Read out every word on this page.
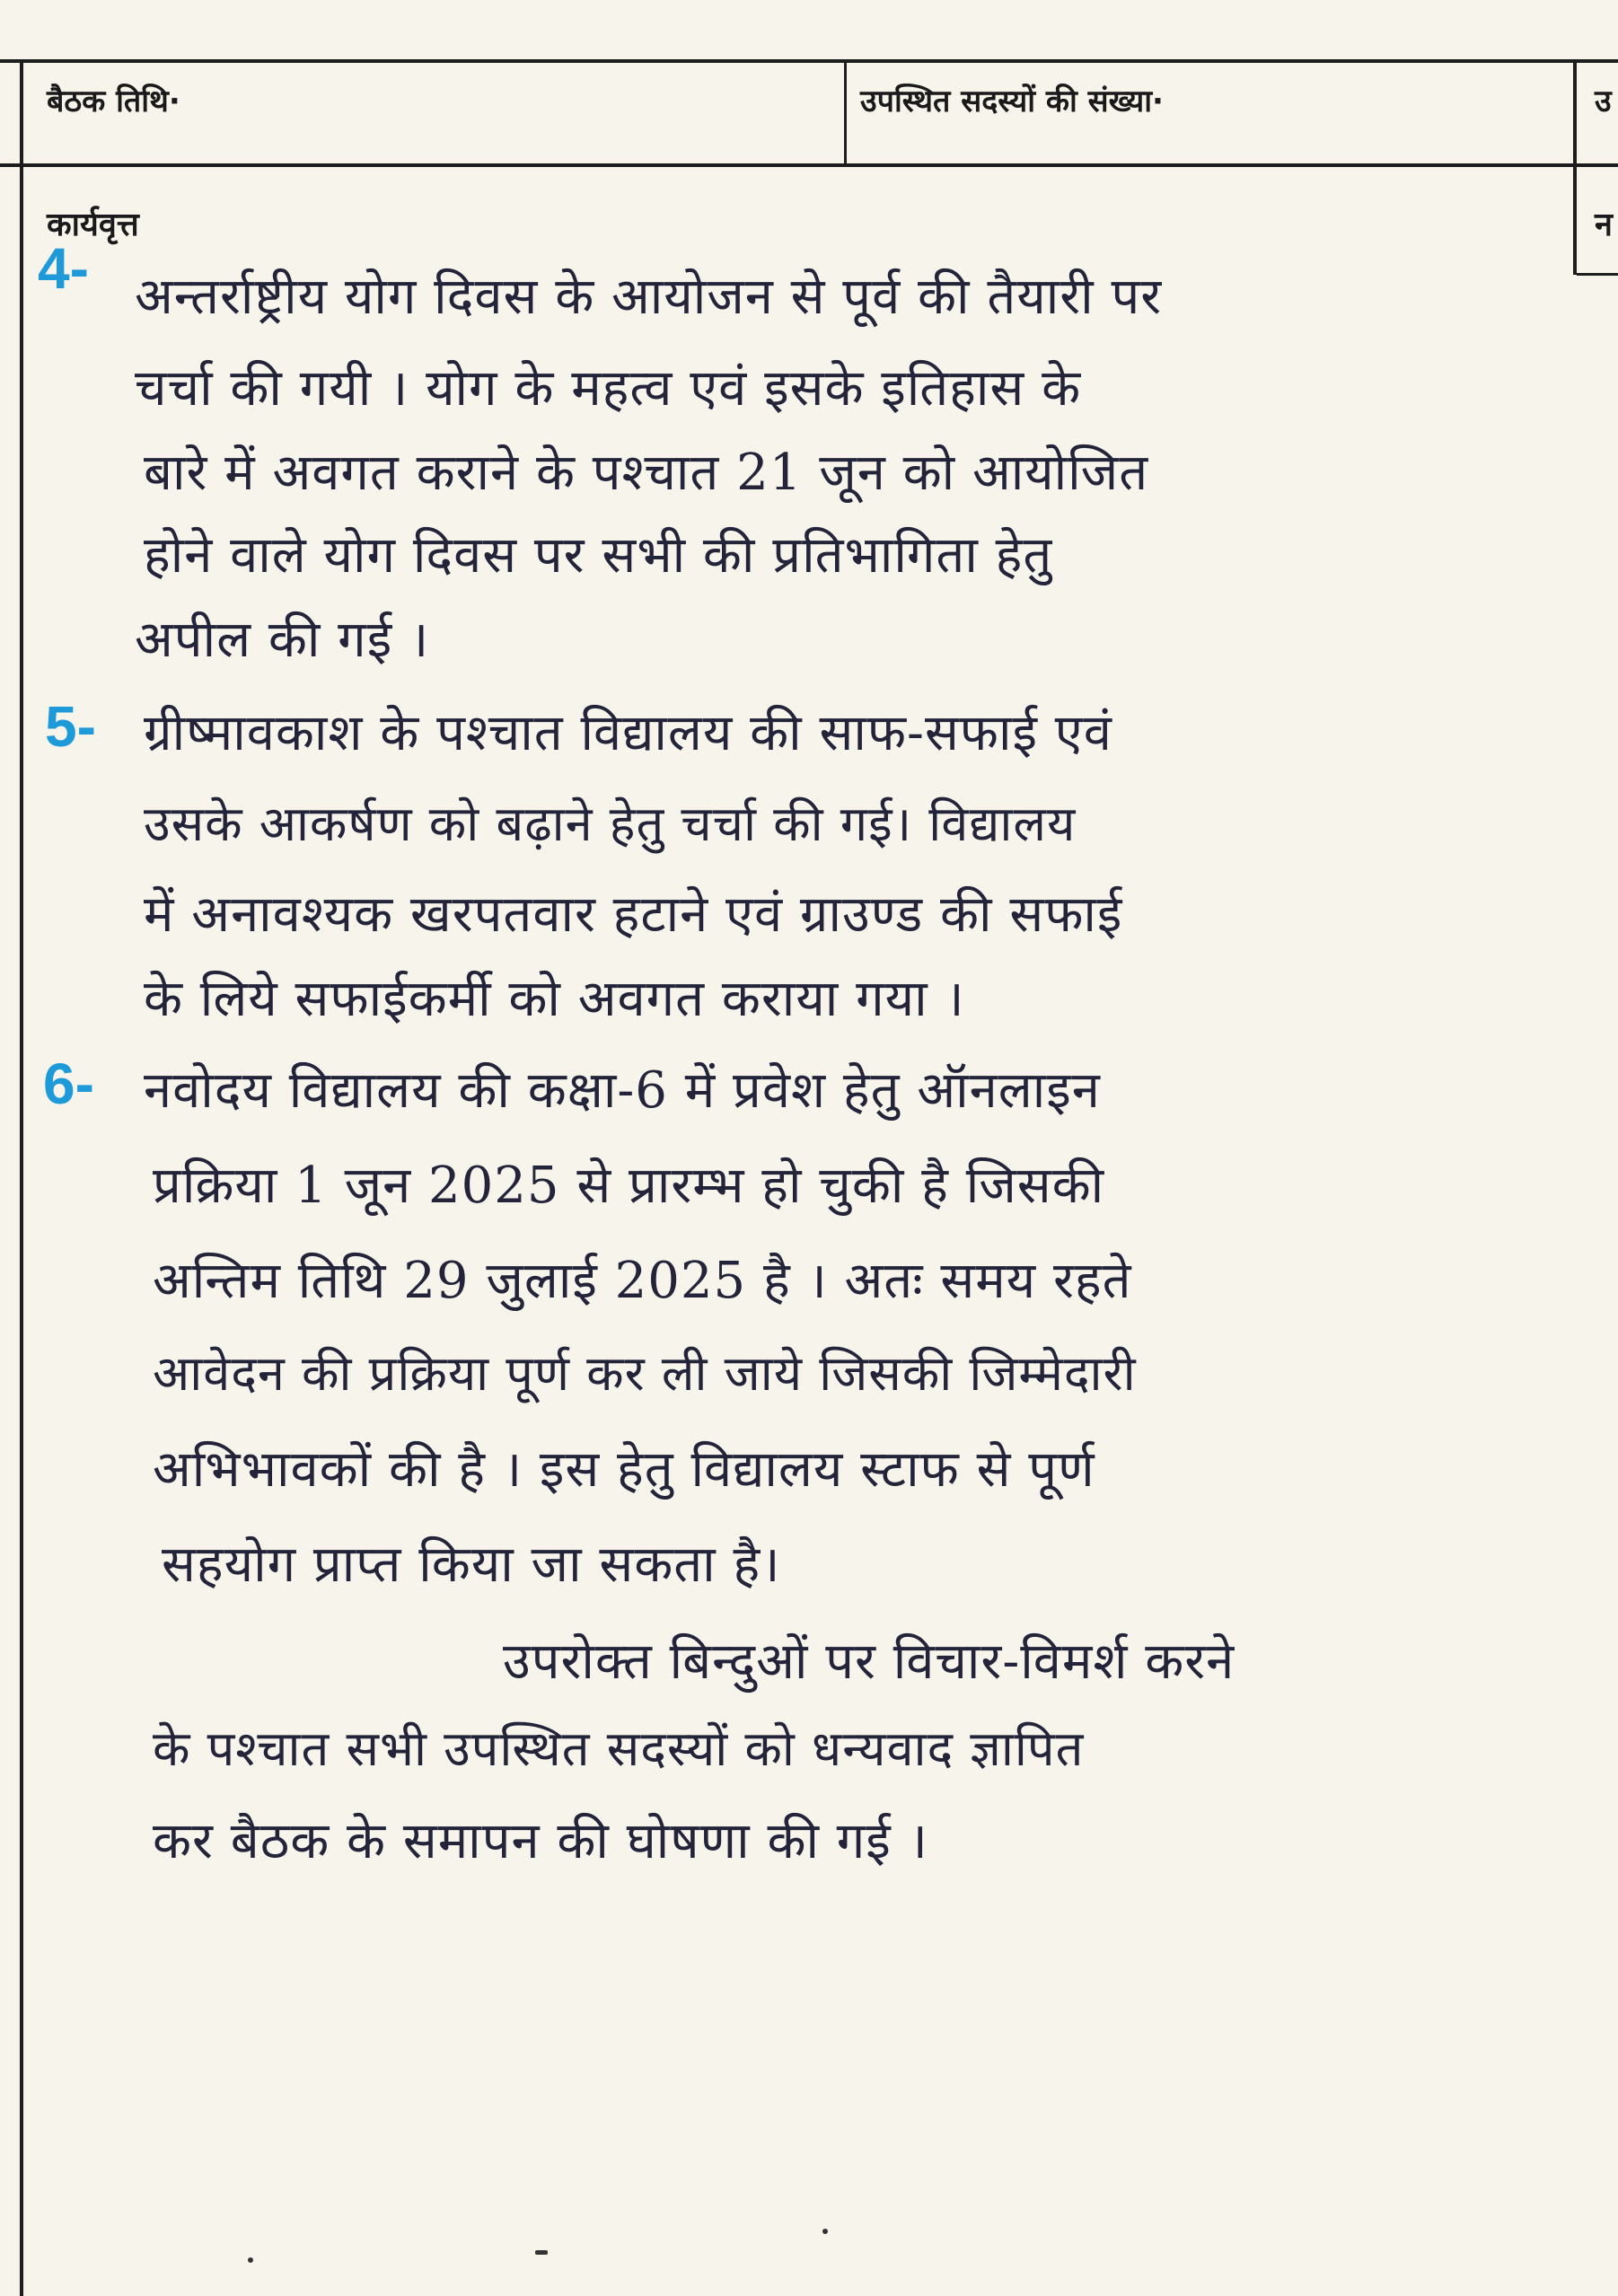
बैठक तिथि·	उपस्थित सदस्यों की संख्या·	उ
कार्यवृत्त	न
4- अन्तर्राष्ट्रीय योग दिवस के आयोजन से पूर्व की तैयारी पर
चर्चा की गयी । योग के महत्व एवं इसके इतिहास के
बारे में अवगत कराने के पश्चात 21 जून को आयोजित
होने वाले योग दिवस पर सभी की प्रतिभागिता हेतु
अपील की गई ।
5- ग्रीष्मावकाश के पश्चात विद्यालय की साफ-सफाई एवं
उसके आकर्षण को बढ़ाने हेतु चर्चा की गई। विद्यालय
में अनावश्यक खरपतवार हटाने एवं ग्राउण्ड की सफाई
के लिये सफाईकर्मी को अवगत कराया गया ।
6- नवोदय विद्यालय की कक्षा-6 में प्रवेश हेतु ऑनलाइन
प्रक्रिया 1 जून 2025 से प्रारम्भ हो चुकी है जिसकी
अन्तिम तिथि 29 जुलाई 2025 है । अतः समय रहते
आवेदन की प्रक्रिया पूर्ण कर ली जाये जिसकी जिम्मेदारी
अभिभावकों की है । इस हेतु विद्यालय स्टाफ से पूर्ण
सहयोग प्राप्त किया जा सकता है।
उपरोक्त बिन्दुओं पर विचार-विमर्श करने
के पश्चात सभी उपस्थित सदस्यों को धन्यवाद ज्ञापित
कर बैठक के समापन की घोषणा की गई ।
